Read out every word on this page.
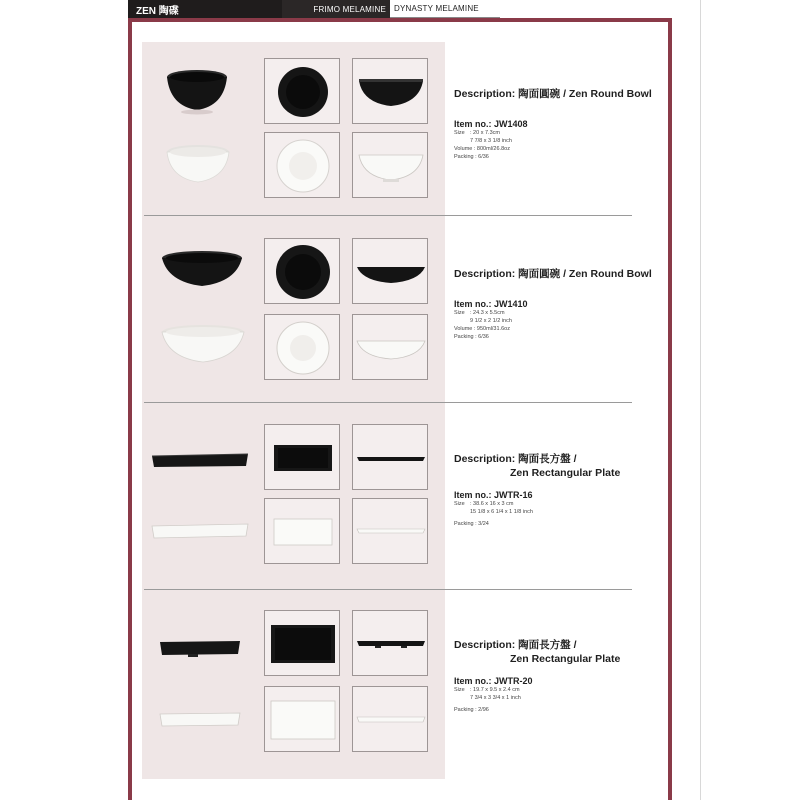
ZEN 陶碟	FRIMO MELAMINE	DYNASTY MELAMINE
Description: 陶面圓碗 / Zen Round Bowl
Item no.: JW1408
Size : 20 x 7.3cm
7 7/8 x 3 1/8 inch
Volume : 800ml/26.8oz
Packing : 6/36
Description: 陶面圓碗 / Zen Round Bowl
Item no.: JW1410
Size : 24.3 x 5.5cm
9 1/2 x 2 1/2 inch
Volume : 950ml/31.6oz
Packing : 6/36
Description: 陶面長方盤 /
Zen Rectangular Plate
Item no.: JWTR-16
Size : 38.6 x 16 x 3 cm
15 1/8 x 6 1/4 x 1 1/8 inch
Packing : 3/24
Description: 陶面長方盤 /
Zen Rectangular Plate
Item no.: JWTR-20
Size : 19.7 x 9.5 x 2.4 cm
7 3/4 x 3 3/4 x 1 inch
Packing : 2/96
